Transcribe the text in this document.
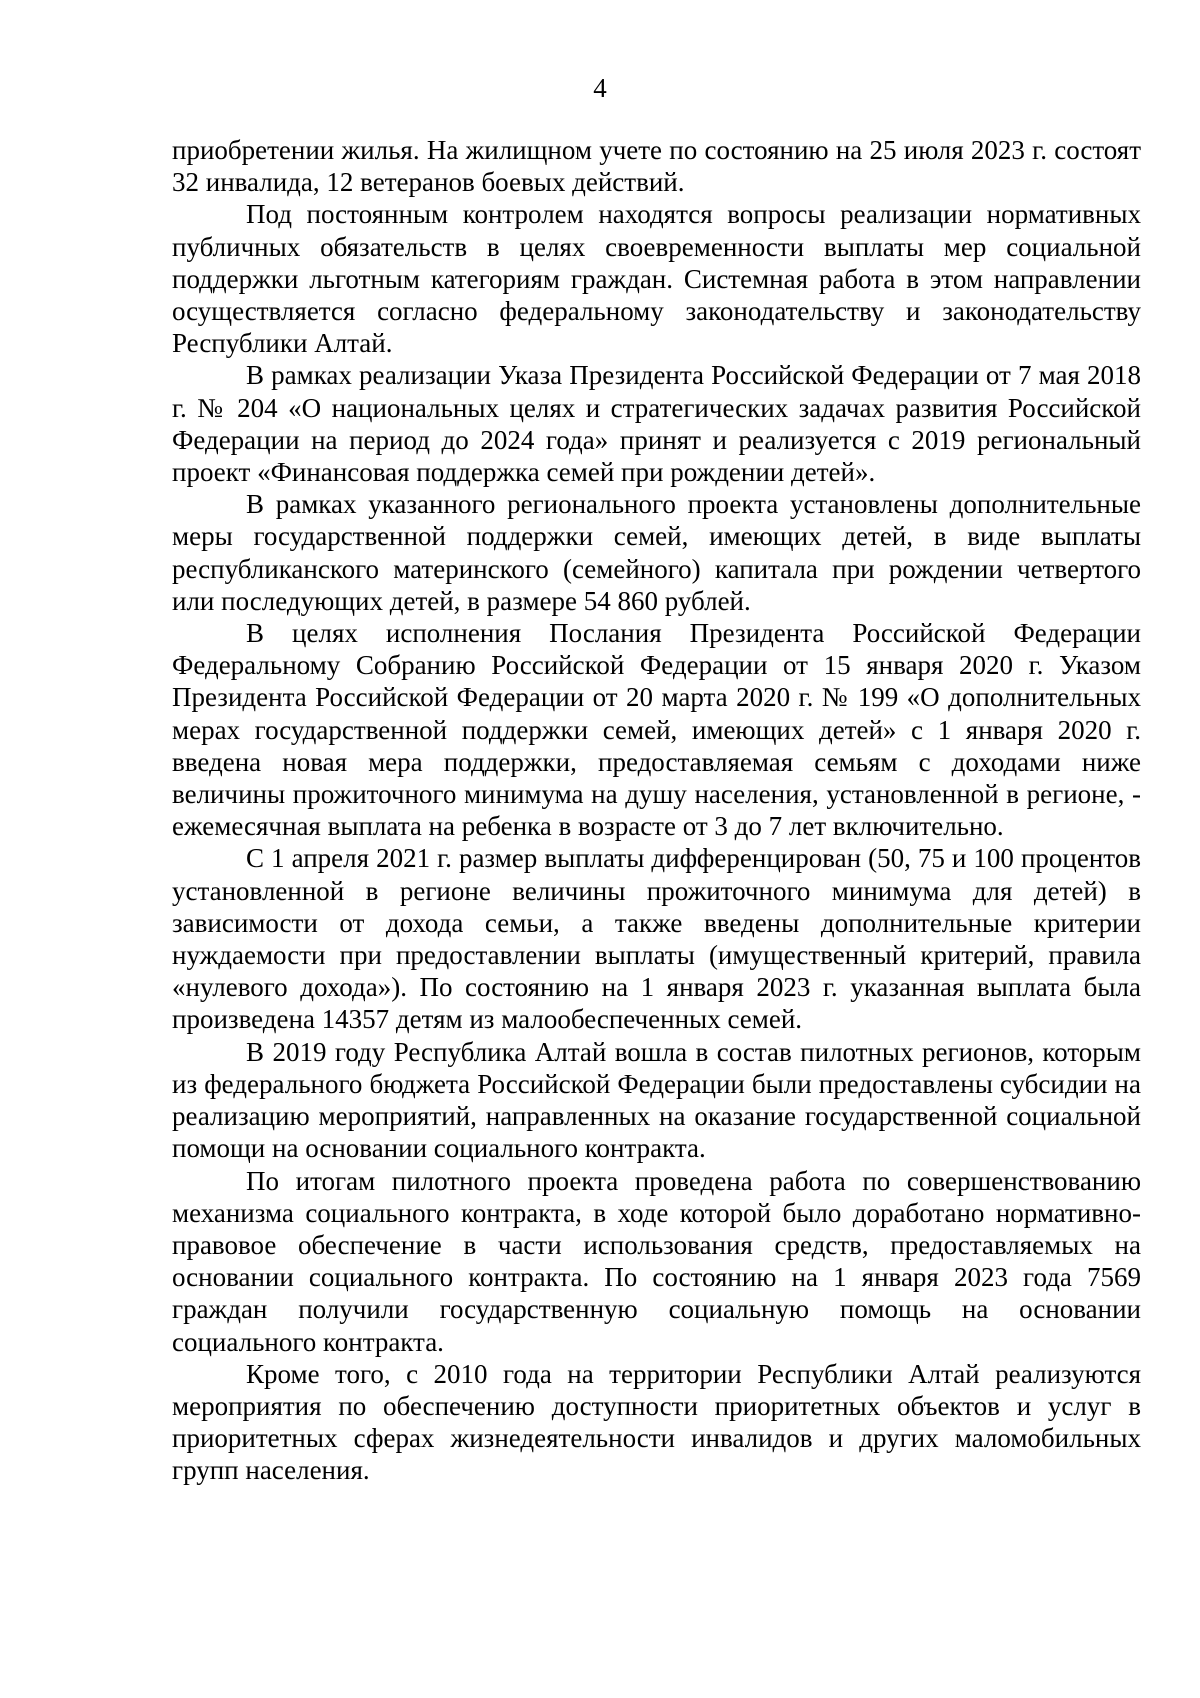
4

приобретении жилья. На жилищном учете по состоянию на 25 июля 2023 г. состоят 32 инвалида, 12 ветеранов боевых действий.

Под постоянным контролем находятся вопросы реализации нормативных публичных обязательств в целях своевременности выплаты мер социальной поддержки льготным категориям граждан. Системная работа в этом направлении осуществляется согласно федеральному законодательству и законодательству Республики Алтай.

В рамках реализации Указа Президента Российской Федерации от 7 мая 2018 г. № 204 «О национальных целях и стратегических задачах развития Российской Федерации на период до 2024 года» принят и реализуется с 2019 региональный проект «Финансовая поддержка семей при рождении детей».

В рамках указанного регионального проекта установлены дополнительные меры государственной поддержки семей, имеющих детей, в виде выплаты республиканского материнского (семейного) капитала при рождении четвертого или последующих детей, в размере 54 860 рублей.

В целях исполнения Послания Президента Российской Федерации Федеральному Собранию Российской Федерации от 15 января 2020 г. Указом Президента Российской Федерации от 20 марта 2020 г. № 199 «О дополнительных мерах государственной поддержки семей, имеющих детей» с 1 января 2020 г. введена новая мера поддержки, предоставляемая семьям с доходами ниже величины прожиточного минимума на душу населения, установленной в регионе, - ежемесячная выплата на ребенка в возрасте от 3 до 7 лет включительно.

С 1 апреля 2021 г. размер выплаты дифференцирован (50, 75 и 100 процентов установленной в регионе величины прожиточного минимума для детей) в зависимости от дохода семьи, а также введены дополнительные критерии нуждаемости при предоставлении выплаты (имущественный критерий, правила «нулевого дохода»). По состоянию на 1 января 2023 г. указанная выплата была произведена 14357 детям из малообеспеченных семей.

В 2019 году Республика Алтай вошла в состав пилотных регионов, которым из федерального бюджета Российской Федерации были предоставлены субсидии на реализацию мероприятий, направленных на оказание государственной социальной помощи на основании социального контракта.

По итогам пилотного проекта проведена работа по совершенствованию механизма социального контракта, в ходе которой было доработано нормативно-правовое обеспечение в части использования средств, предоставляемых на основании социального контракта. По состоянию на 1 января 2023 года 7569 граждан получили государственную социальную помощь на основании социального контракта.

Кроме того, с 2010 года на территории Республики Алтай реализуются мероприятия по обеспечению доступности приоритетных объектов и услуг в приоритетных сферах жизнедеятельности инвалидов и других маломобильных групп населения.
